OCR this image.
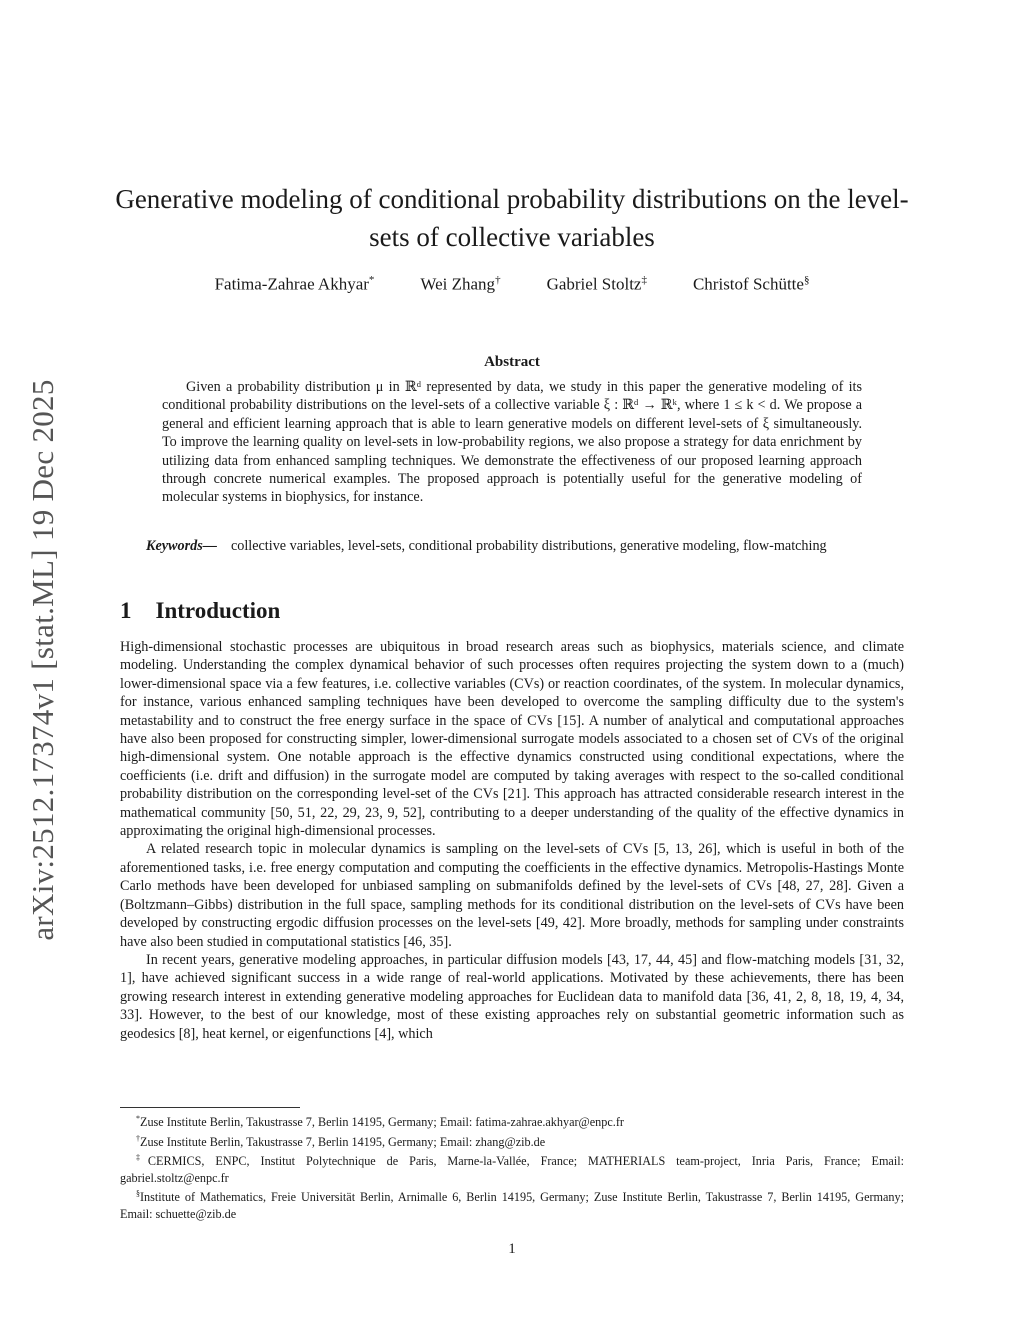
arXiv:2512.17374v1 [stat.ML] 19 Dec 2025
Generative modeling of conditional probability distributions on the level-sets of collective variables
Fatima-Zahrae Akhyar*	Wei Zhang†	Gabriel Stoltz‡	Christof Schütte§
Abstract

Given a probability distribution μ in ℝᵈ represented by data, we study in this paper the generative modeling of its conditional probability distributions on the level-sets of a collective variable ξ : ℝᵈ → ℝᵏ, where 1 ≤ k < d. We propose a general and efficient learning approach that is able to learn generative models on different level-sets of ξ simultaneously. To improve the learning quality on level-sets in low-probability regions, we also propose a strategy for data enrichment by utilizing data from enhanced sampling techniques. We demonstrate the effectiveness of our proposed learning approach through concrete numerical examples. The proposed approach is potentially useful for the generative modeling of molecular systems in biophysics, for instance.

Keywords— collective variables, level-sets, conditional probability distributions, generative modeling, flow-matching

1 Introduction

High-dimensional stochastic processes are ubiquitous in broad research areas such as biophysics, materials science, and climate modeling. Understanding the complex dynamical behavior of such processes often requires projecting the system down to a (much) lower-dimensional space via a few features, i.e. collective variables (CVs) or reaction coordinates, of the system. In molecular dynamics, for instance, various enhanced sampling techniques have been developed to overcome the sampling difficulty due to the system's metastability and to construct the free energy surface in the space of CVs [15]. A number of analytical and computational approaches have also been proposed for constructing simpler, lower-dimensional surrogate models associated to a chosen set of CVs of the original high-dimensional system. One notable approach is the effective dynamics constructed using conditional expectations, where the coefficients (i.e. drift and diffusion) in the surrogate model are computed by taking averages with respect to the so-called conditional probability distribution on the corresponding level-set of the CVs [21]. This approach has attracted considerable research interest in the mathematical community [50, 51, 22, 29, 23, 9, 52], contributing to a deeper understanding of the quality of the effective dynamics in approximating the original high-dimensional processes.

A related research topic in molecular dynamics is sampling on the level-sets of CVs [5, 13, 26], which is useful in both of the aforementioned tasks, i.e. free energy computation and computing the coefficients in the effective dynamics. Metropolis-Hastings Monte Carlo methods have been developed for unbiased sampling on submanifolds defined by the level-sets of CVs [48, 27, 28]. Given a (Boltzmann–Gibbs) distribution in the full space, sampling methods for its conditional distribution on the level-sets of CVs have been developed by constructing ergodic diffusion processes on the level-sets [49, 42]. More broadly, methods for sampling under constraints have also been studied in computational statistics [46, 35].

In recent years, generative modeling approaches, in particular diffusion models [43, 17, 44, 45] and flow-matching models [31, 32, 1], have achieved significant success in a wide range of real-world applications. Motivated by these achievements, there has been growing research interest in extending generative modeling approaches for Euclidean data to manifold data [36, 41, 2, 8, 18, 19, 4, 34, 33]. However, to the best of our knowledge, most of these existing approaches rely on substantial geometric information such as geodesics [8], heat kernel, or eigenfunctions [4], which

*Zuse Institute Berlin, Takustrasse 7, Berlin 14195, Germany; Email: fatima-zahrae.akhyar@enpc.fr

†Zuse Institute Berlin, Takustrasse 7, Berlin 14195, Germany; Email: zhang@zib.de

‡CERMICS, ENPC, Institut Polytechnique de Paris, Marne-la-Vallée, France; MATHERIALS team-project, Inria Paris, France; Email: gabriel.stoltz@enpc.fr

§Institute of Mathematics, Freie Universität Berlin, Arnimalle 6, Berlin 14195, Germany; Zuse Institute Berlin, Takustrasse 7, Berlin 14195, Germany; Email: schuette@zib.de

1
